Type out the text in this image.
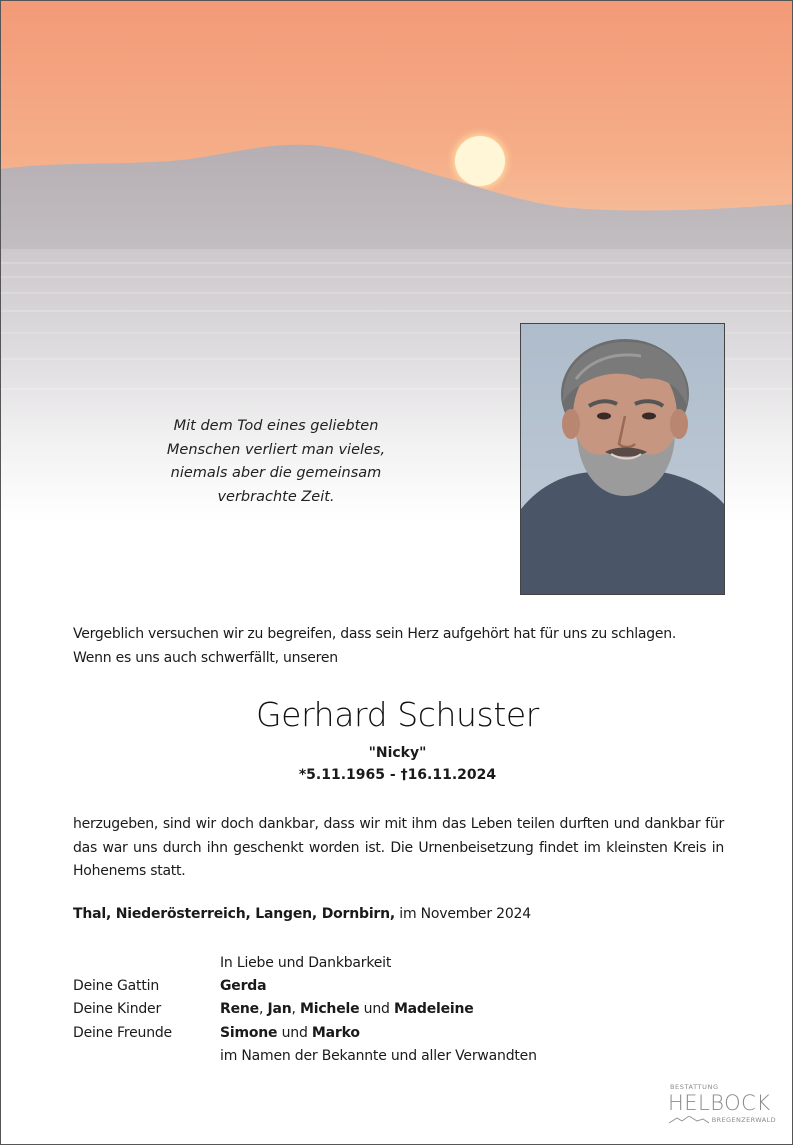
Mit dem Tod eines geliebten
Menschen verliert man vieles,
niemals aber die gemeinsam
verbrachte Zeit.
Vergeblich versuchen wir zu begreifen, dass sein Herz aufgehört hat für uns zu schlagen.
Wenn es uns auch schwerfällt, unseren
Gerhard Schuster
"Nicky"
*5.11.1965 - †16.11.2024
herzugeben, sind wir doch dankbar, dass wir mit ihm das Leben teilen durften und dankbar für das war uns durch ihn geschenkt worden ist. Die Urnenbeisetzung findet im kleinsten Kreis in Hohenems statt.
Thal, Niederösterreich, Langen, Dornbirn, im November 2024
In Liebe und Dankbarkeit
Deine Gattin	Gerda
Deine Kinder	Rene, Jan, Michele und Madeleine
Deine Freunde	Simone und Marko
im Namen der Bekannte und aller Verwandten
BESTATTUNG
HELBOCK
BREGENZERWALD
